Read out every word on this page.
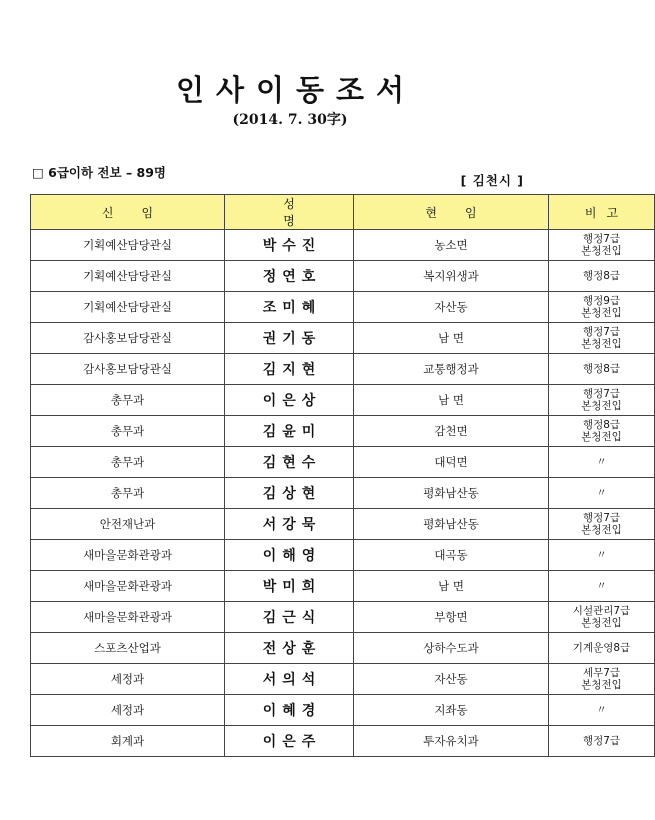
인사이동조서
(2014. 7. 30字)
□ 6급이하 전보 – 89명
[ 김천시 ]
신임	성명	현임	비고
기획예산담당관실	박수진	농소면	행정7급
본청전입

기획예산담당관실	정연호	복지위생과	행정8급

기획예산담당관실	조미혜	자산동	행정9급
본청전입

감사홍보담당관실	권기동	남 면	행정7급
본청전입

감사홍보담당관실	김지현	교통행정과	행정8급

총무과	이은상	남 면	행정7급
본청전입

총무과	김윤미	감천면	행정8급
본청전입

총무과	김현수	대덕면	〃

총무과	김상현	평화남산동	〃

안전재난과	서강묵	평화남산동	행정7급
본청전입

새마을문화관광과	이해영	대곡동	〃

새마을문화관광과	박미희	남 면	〃

새마을문화관광과	김근식	부항면	시설관리7급
본청전입

스포츠산업과	전상훈	상하수도과	기계운영8급

세정과	서의석	자산동	세무7급
본청전입

세정과	이혜경	지좌동	〃

회계과	이은주	투자유치과	행정7급
